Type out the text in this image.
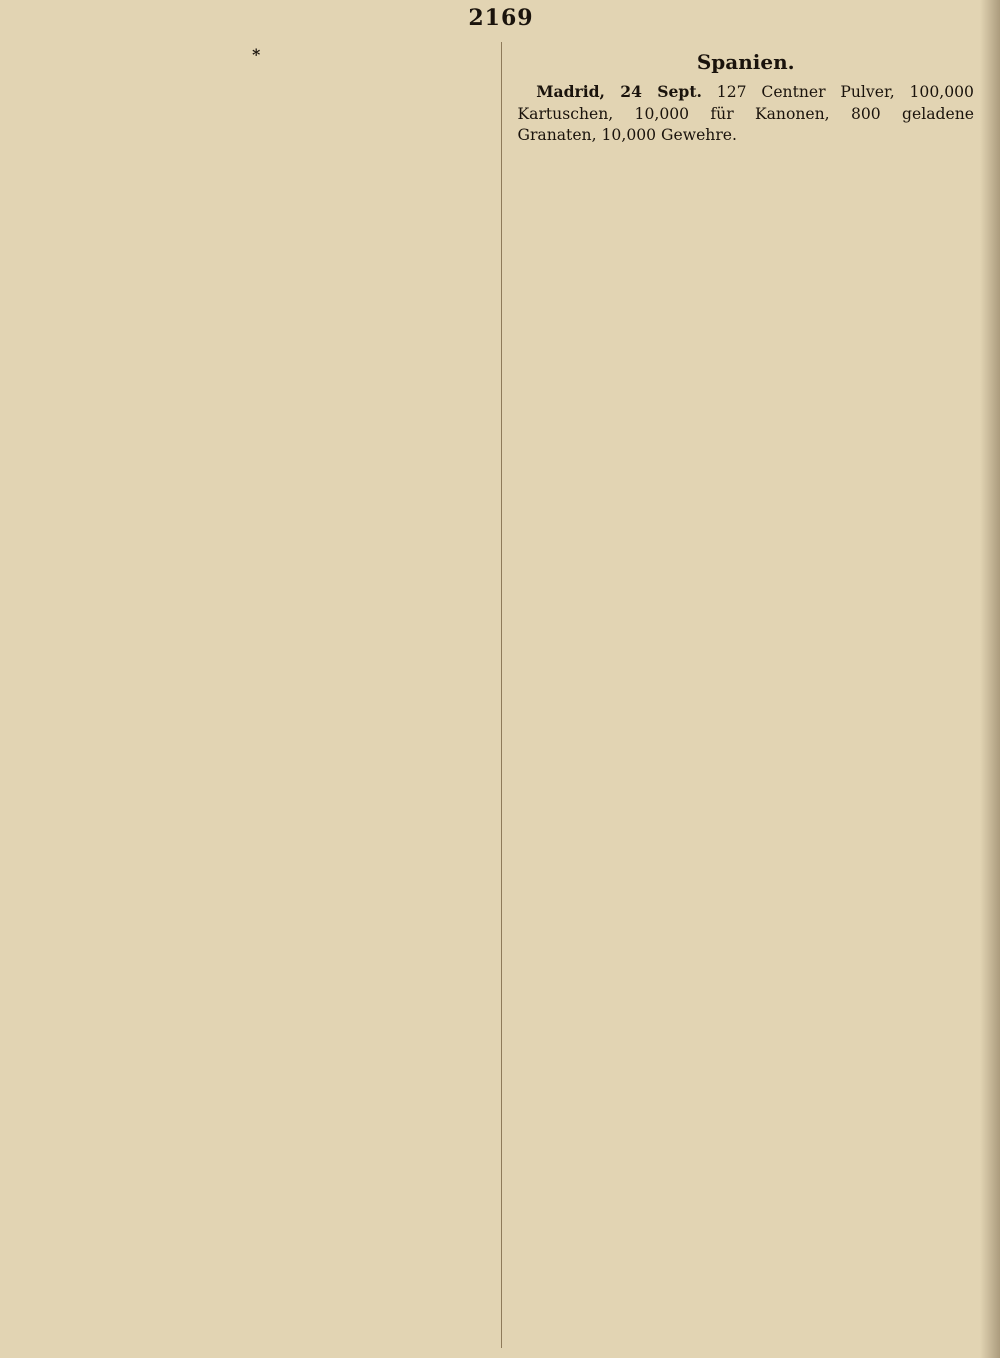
2169

*	Spanien.

Madrid, 24 Sept. 127 Centner Pulver, 100,000 Kartuschen, 10,000 für Kanonen, 800 geladene Granaten, 10,000 Gewehre.
